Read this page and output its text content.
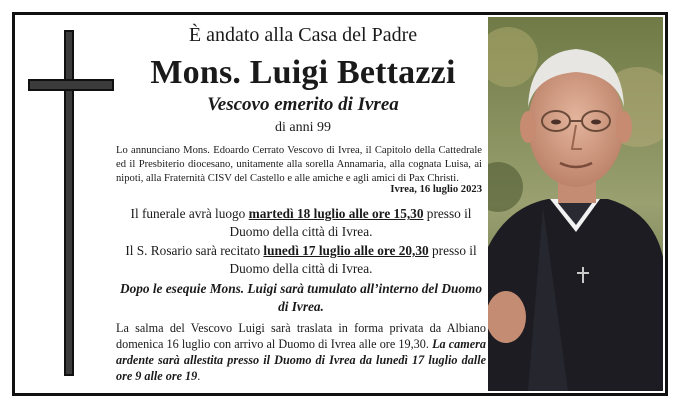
È andato alla Casa del Padre
Mons. Luigi Bettazzi
Vescovo emerito di Ivrea
di anni 99
Lo annunciano Mons. Edoardo Cerrato Vescovo di Ivrea, il Capitolo della Cattedrale ed il Presbiterio diocesano, unitamente alla sorella Annamaria, alla cognata Luisa, ai nipoti, alla Fraternità CISV del Castello e alle amiche e agli amici di Pax Christi.
Ivrea, 16 luglio 2023
Il funerale avrà luogo martedì 18 luglio alle ore 15,30 presso il Duomo della città di Ivrea.
Il S. Rosario sarà recitato lunedì 17 luglio alle ore 20,30 presso il Duomo della città di Ivrea.
Dopo le esequie Mons. Luigi sarà tumulato all’interno del Duomo di Ivrea.
La salma del Vescovo Luigi sarà traslata in forma privata da Albiano domenica 16 luglio con arrivo al Duomo di Ivrea alle ore 19,30. La camera ardente sarà allestita presso il Duomo di Ivrea da lunedì 17 luglio dalle ore 9 alle ore 19.
